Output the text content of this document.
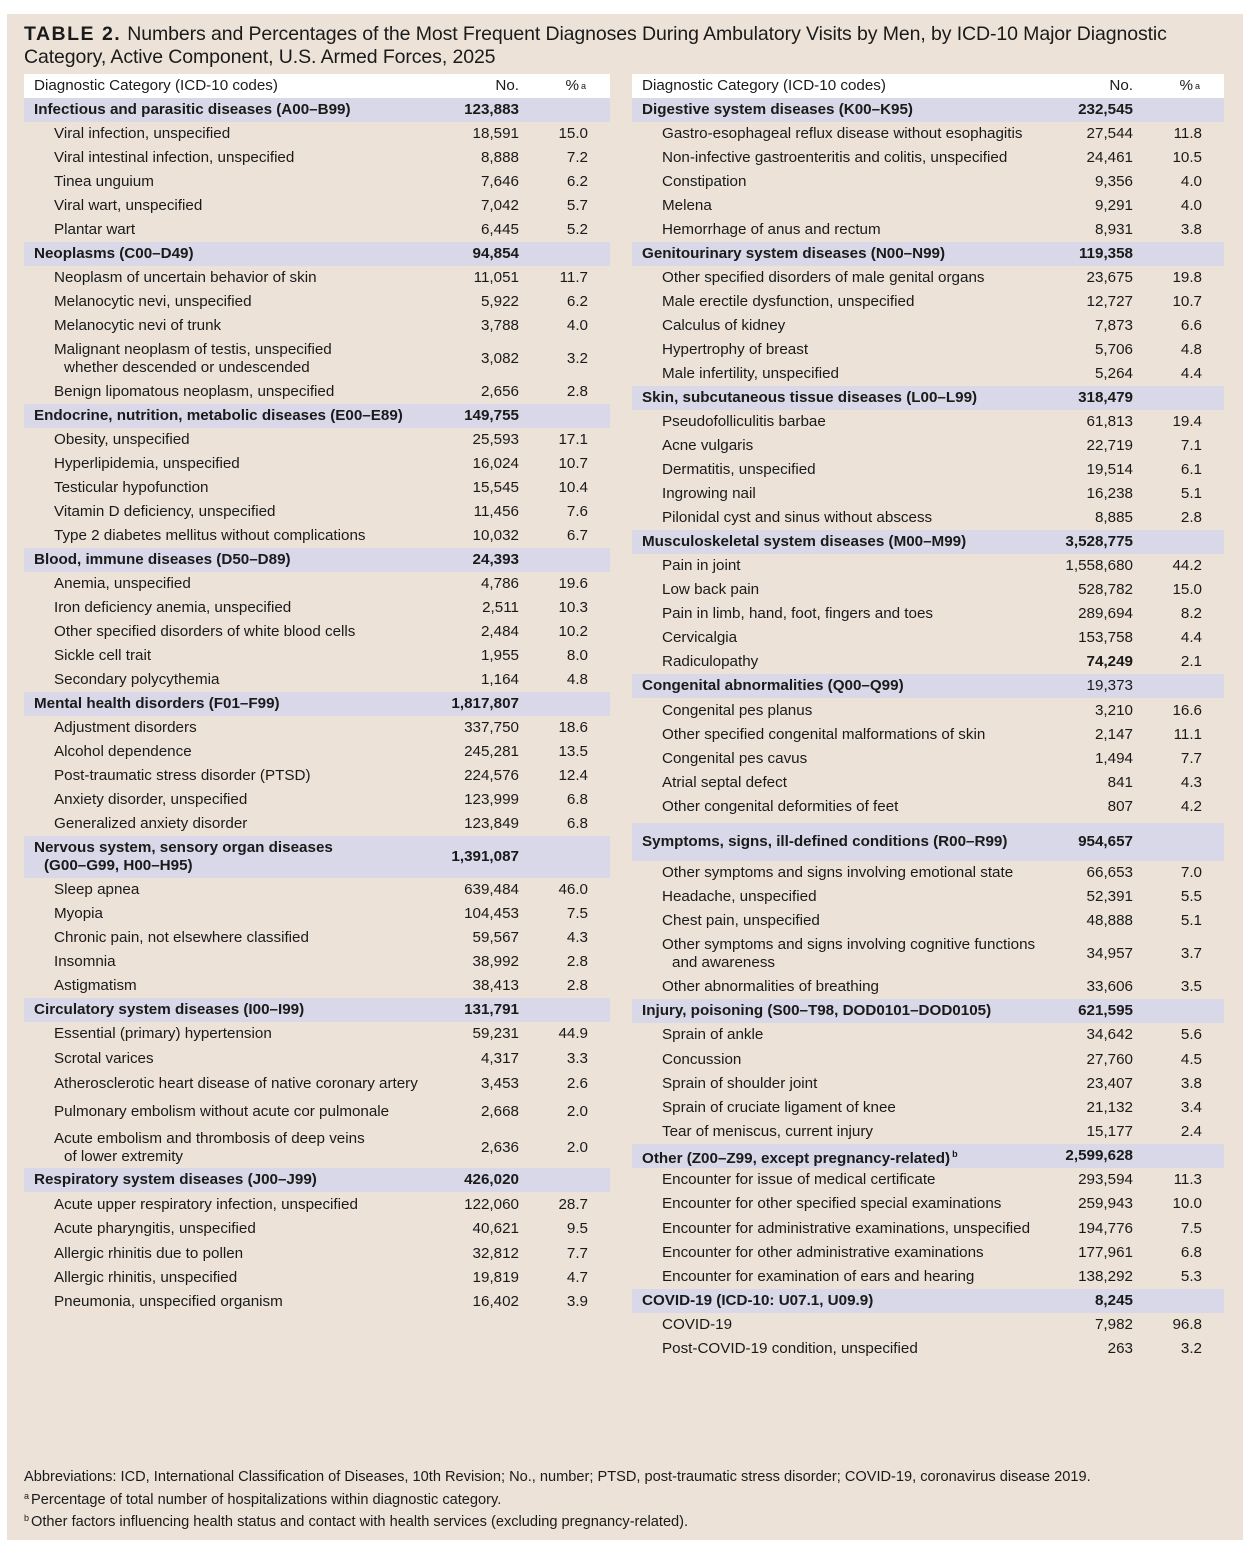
TABLE 2. Numbers and Percentages of the Most Frequent Diagnoses During Ambulatory Visits by Men, by ICD-10 Major Diagnostic Category, Active Component, U.S. Armed Forces, 2025
Diagnostic Category (ICD-10 codes)	No.	% a
Infectious and parasitic diseases (A00–B99)	123,883
Viral infection, unspecified	18,591	15.0
Viral intestinal infection, unspecified	8,888	7.2
Tinea unguium	7,646	6.2
Viral wart, unspecified	7,042	5.7
Plantar wart	6,445	5.2
Neoplasms (C00–D49)	94,854
Neoplasm of uncertain behavior of skin	11,051	11.7
Melanocytic nevi, unspecified	5,922	6.2
Melanocytic nevi of trunk	3,788	4.0
Malignant neoplasm of testis, unspecified
whether descended or undescended
3,082	3.2
Benign lipomatous neoplasm, unspecified	2,656	2.8
Endocrine, nutrition, metabolic diseases (E00–E89)	149,755
Obesity, unspecified	25,593	17.1
Hyperlipidemia, unspecified	16,024	10.7
Testicular hypofunction	15,545	10.4
Vitamin D deficiency, unspecified	11,456	7.6
Type 2 diabetes mellitus without complications	10,032	6.7
Blood, immune diseases (D50–D89)	24,393
Anemia, unspecified	4,786	19.6
Iron deficiency anemia, unspecified	2,511	10.3
Other specified disorders of white blood cells	2,484	10.2
Sickle cell trait	1,955	8.0
Secondary polycythemia	1,164	4.8
Mental health disorders (F01–F99)	1,817,807
Adjustment disorders	337,750	18.6
Alcohol dependence	245,281	13.5
Post-traumatic stress disorder (PTSD)	224,576	12.4
Anxiety disorder, unspecified	123,999	6.8
Generalized anxiety disorder	123,849	6.8
Nervous system, sensory organ diseases
(G00–G99, H00–H95)
1,391,087
Sleep apnea	639,484	46.0
Myopia	104,453	7.5
Chronic pain, not elsewhere classified	59,567	4.3
Insomnia	38,992	2.8
Astigmatism	38,413	2.8
Circulatory system diseases (I00–I99)	131,791
Essential (primary) hypertension	59,231	44.9
Scrotal varices	4,317	3.3
Atherosclerotic heart disease of native coronary artery	3,453	2.6
Pulmonary embolism without acute cor pulmonale	2,668	2.0
Acute embolism and thrombosis of deep veins
of lower extremity
2,636	2.0
Respiratory system diseases (J00–J99)	426,020
Acute upper respiratory infection, unspecified	122,060	28.7
Acute pharyngitis, unspecified	40,621	9.5
Allergic rhinitis due to pollen	32,812	7.7
Allergic rhinitis, unspecified	19,819	4.7
Pneumonia, unspecified organism	16,402	3.9
Diagnostic Category (ICD-10 codes)	No.	% a
Digestive system diseases (K00–K95)	232,545
Gastro-esophageal reflux disease without esophagitis	27,544	11.8
Non-infective gastroenteritis and colitis, unspecified	24,461	10.5
Constipation	9,356	4.0
Melena	9,291	4.0
Hemorrhage of anus and rectum	8,931	3.8
Genitourinary system diseases (N00–N99)	119,358
Other specified disorders of male genital organs	23,675	19.8
Male erectile dysfunction, unspecified	12,727	10.7
Calculus of kidney	7,873	6.6
Hypertrophy of breast	5,706	4.8
Male infertility, unspecified	5,264	4.4
Skin, subcutaneous tissue diseases (L00–L99)	318,479
Pseudofolliculitis barbae	61,813	19.4
Acne vulgaris	22,719	7.1
Dermatitis, unspecified	19,514	6.1
Ingrowing nail	16,238	5.1
Pilonidal cyst and sinus without abscess	8,885	2.8
Musculoskeletal system diseases (M00–M99)	3,528,775
Pain in joint	1,558,680	44.2
Low back pain	528,782	15.0
Pain in limb, hand, foot, fingers and toes	289,694	8.2
Cervicalgia	153,758	4.4
Radiculopathy	74,249	2.1
Congenital abnormalities (Q00–Q99)	19,373
Congenital pes planus	3,210	16.6
Other specified congenital malformations of skin	2,147	11.1
Congenital pes cavus	1,494	7.7
Atrial septal defect	841	4.3
Other congenital deformities of feet	807	4.2
Symptoms, signs, ill-defined conditions (R00–R99)	954,657
Other symptoms and signs involving emotional state	66,653	7.0
Headache, unspecified	52,391	5.5
Chest pain, unspecified	48,888	5.1
Other symptoms and signs involving cognitive functions
and awareness
34,957	3.7
Other abnormalities of breathing	33,606	3.5
Injury, poisoning (S00–T98, DOD0101–DOD0105)	621,595
Sprain of ankle	34,642	5.6
Concussion	27,760	4.5
Sprain of shoulder joint	23,407	3.8
Sprain of cruciate ligament of knee	21,132	3.4
Tear of meniscus, current injury	15,177	2.4
Other (Z00–Z99, except pregnancy-related) $^b$	2,599,628
Encounter for issue of medical certificate	293,594	11.3
Encounter for other specified special examinations	259,943	10.0
Encounter for administrative examinations, unspecified	194,776	7.5
Encounter for other administrative examinations	177,961	6.8
Encounter for examination of ears and hearing	138,292	5.3
COVID-19 (ICD-10: U07.1, U09.9)	8,245
COVID-19	7,982	96.8
Post-COVID-19 condition, unspecified	263	3.2
Abbreviations: ICD, International Classification of Diseases, 10th Revision; No., number; PTSD, post-traumatic stress disorder; COVID-19, coronavirus disease 2019.
$^a$ Percentage of total number of hospitalizations within diagnostic category.
$^b$ Other factors influencing health status and contact with health services (excluding pregnancy-related).
